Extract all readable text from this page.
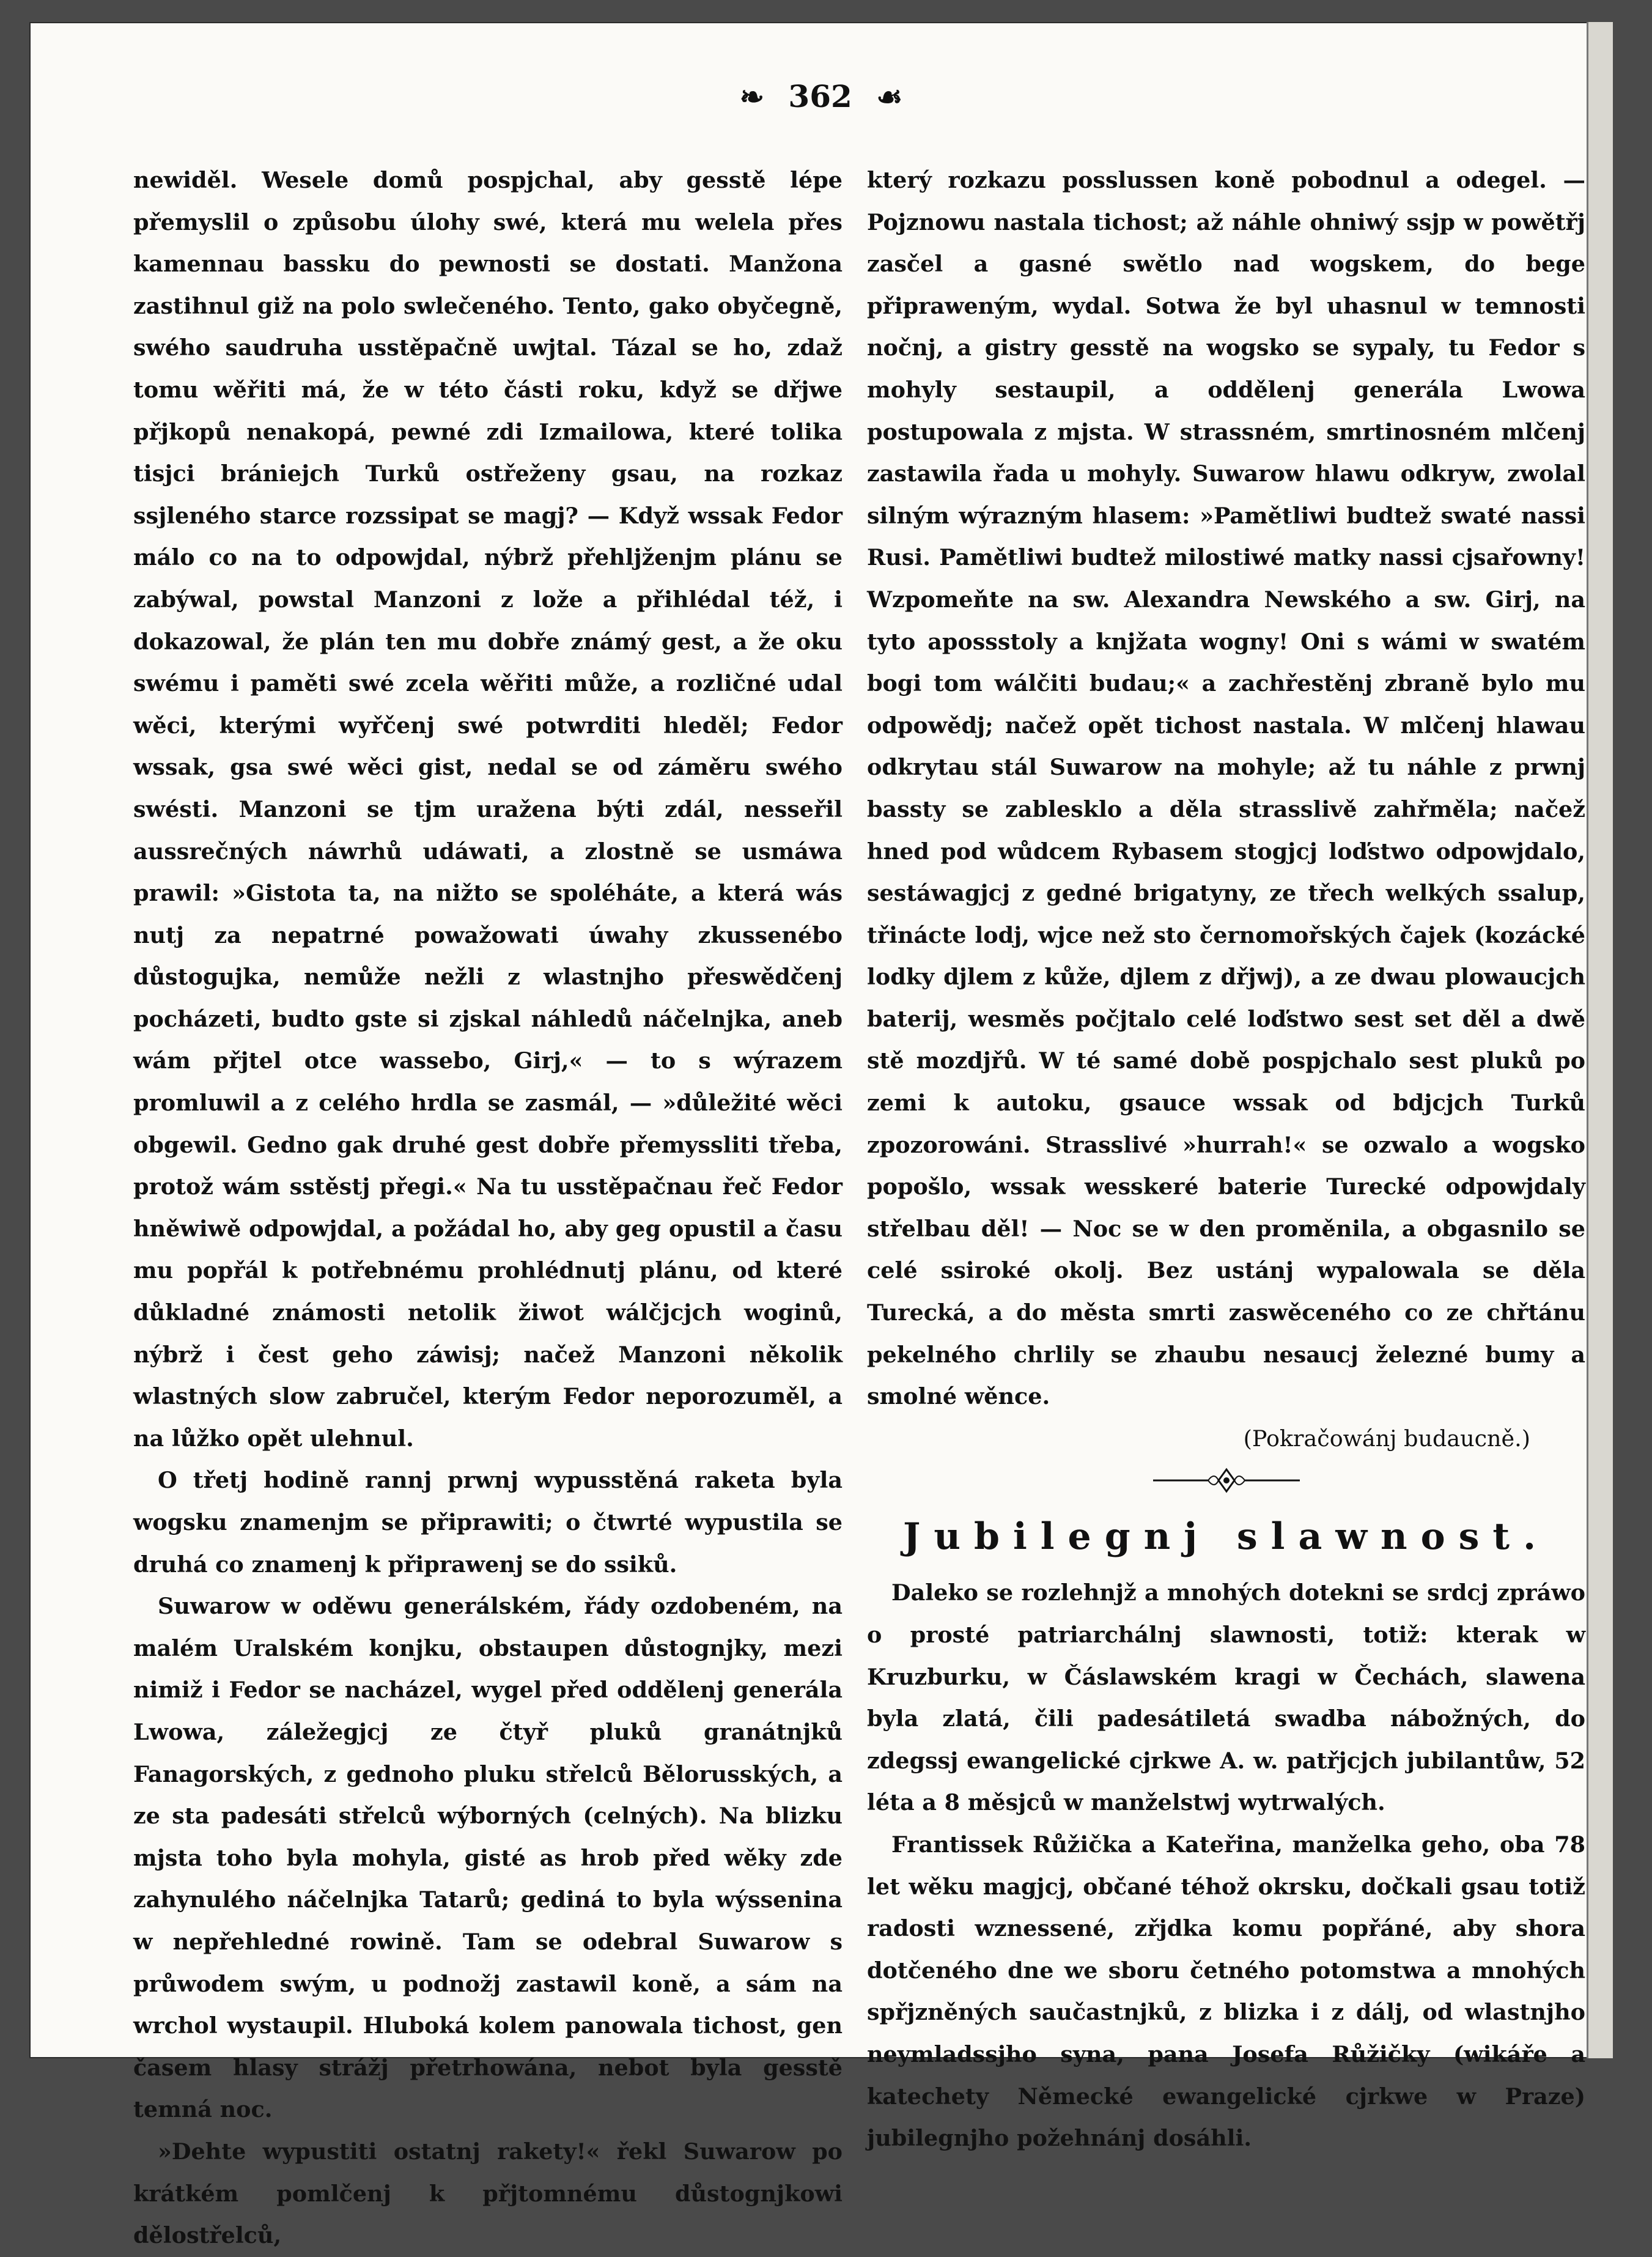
❧ 362 ☙

newiděl. Wesele domů pospjchal, aby gesstě lépe přemyslil o způsobu úlohy swé, která mu welela přes kamennau bassku do pewnosti se dostati. Manžona zastihnul giž na polo swlečeného. Tento, gako obyčegně, swého saudruha usstěpačně uwjtal. Tázal se ho, zdaž tomu wěřiti má, že w této části roku, když se dřjwe přjkopů nenakopá, pewné zdi Izmailowa, které tolika tisjci brániejch Turků ostřeženy gsau, na rozkaz ssjleného starce rozssipat se magj? — Když wssak Fedor málo co na to odpowjdal, nýbrž přehljženjm plánu se zabýwal, powstal Manzoni z lože a přihlédal též, i dokazowal, že plán ten mu dobře známý gest, a že oku swému i paměti swé zcela wěřiti může, a rozličné udal wěci, kterými wyřčenj swé potwrditi hleděl; Fedor wssak, gsa swé wěci gist, nedal se od záměru swého swésti. Manzoni se tjm uražena býti zdál, nesseřil aussrečných náwrhů udáwati, a zlostně se usmáwa prawil: »Gistota ta, na nižto se spoléháte, a která wás nutj za nepatrné powažowati úwahy zkussenébo důstogujka, nemůže nežli z wlastnjho přeswědčenj pocházeti, budto gste si zjskal náhledů náčelnjka, aneb wám přjtel otce wassebo, Girj,« — to s wýrazem promluwil a z celého hrdla se zasmál, — »důležité wěci obgewil. Gedno gak druhé gest dobře přemyssliti třeba, protož wám sstěstj přegi.« Na tu usstěpačnau řeč Fedor hněwiwě odpowjdal, a požádal ho, aby geg opustil a času mu popřál k potřebnému prohlédnutj plánu, od které důkladné známosti netolik žiwot wálčjcjch woginů, nýbrž i čest geho záwisj; načež Manzoni několik wlastných slow zabručel, kterým Fedor neporozuměl, a na lůžko opět ulehnul.

O třetj hodině rannj prwnj wypusstěná raketa byla wogsku znamenjm se připrawiti; o čtwrté wypustila se druhá co znamenj k připrawenj se do ssiků.

Suwarow w oděwu generálském, řády ozdobeném, na malém Uralském konjku, obstaupen důstognjky, mezi nimiž i Fedor se nacházel, wygel před oddělenj generála Lwowa, záležegjcj ze čtyř pluků granátnjků Fanagorských, z gednoho pluku střelců Bělorusských, a ze sta padesáti střelců wýborných (celných). Na blizku mjsta toho byla mohyla, gisté as hrob před wěky zde zahynulého náčelnjka Tatarů; gediná to byla wýssenina w nepřehledné rowině. Tam se odebral Suwarow s průwodem swým, u podnožj zastawil koně, a sám na wrchol wystaupil. Hluboká kolem panowala tichost, gen časem hlasy strážj přetrhowána, nebot byla gesstě temná noc.

»Dehte wypustiti ostatnj rakety!« řekl Suwarow po krátkém pomlčenj k přjtomnému důstognjkowi dělostřelců,

který rozkazu posslussen koně pobodnul a odegel. — Pojznowu nastala tichost; až náhle ohniwý ssjp w powětřj zasčel a gasné swětlo nad wogskem, do bege připraweným, wydal. Sotwa že byl uhasnul w temnosti nočnj, a gistry gesstě na wogsko se sypaly, tu Fedor s mohyly sestaupil, a oddělenj generála Lwowa postupowala z mjsta. W strassném, smrtinosném mlčenj zastawila řada u mohyly. Suwarow hlawu odkryw, zwolal silným wýrazným hlasem: »Pamětliwi budtež swaté nassi Rusi. Pamětliwi budtež milostiwé matky nassi cjsařowny! Wzpomeňte na sw. Alexandra Newského a sw. Girj, na tyto apossstoly a knjžata wogny! Oni s wámi w swatém bogi tom wálčiti budau;« a zachřestěnj zbraně bylo mu odpowědj; načež opět tichost nastala. W mlčenj hlawau odkrytau stál Suwarow na mohyle; až tu náhle z prwnj bassty se zablesklo a děla strasslivě zahřměla; načež hned pod wůdcem Rybasem stogjcj loďstwo odpowjdalo, sestáwagjcj z gedné brigatyny, ze třech welkých ssalup, třinácte lodj, wjce než sto černomořských čajek (kozácké lodky djlem z kůže, djlem z dřjwj), a ze dwau plowaucjch baterij, wesměs počjtalo celé loďstwo sest set děl a dwě stě mozdjřů. W té samé době pospjchalo sest pluků po zemi k autoku, gsauce wssak od bdjcjch Turků zpozorowáni. Strasslivé »hurrah!« se ozwalo a wogsko popošlo, wssak wesskeré baterie Turecké odpowjdaly střelbau děl! — Noc se w den proměnila, a obgasnilo se celé ssiroké okolj. Bez ustánj wypalowala se děla Turecká, a do města smrti zaswěceného co ze chřtánu pekelného chrlily se zhaubu nesaucj železné bumy a smolné wěnce.

(Pokračowánj budaucně.)

Jubilegnj slawnost.

Daleko se rozlehnjž a mnohých dotekni se srdcj zpráwo o prosté patriarchálnj slawnosti, totiž: kterak w Kruzburku, w Čáslawském kragi w Čechách, slawena byla zlatá, čili padesátiletá swadba nábožných, do zdegssj ewangelické cjrkwe A. w. patřjcjch jubilantůw, 52 léta a 8 měsjců w manželstwj wytrwalých.

Frantissek Růžička a Kateřina, manželka geho, oba 78 let wěku magjcj, občané téhož okrsku, dočkali gsau totiž radosti wznessené, zřjdka komu popřáné, aby shora dotčeného dne we sboru četného potomstwa a mnohých spřjzněných saučastnjků, z blizka i z dálj, od wlastnjho neymladssjho syna, pana Josefa Růžičky (wikáře a katechety Německé ewangelické cjrkwe w Praze) jubilegnjho požehnánj dosáhli.
